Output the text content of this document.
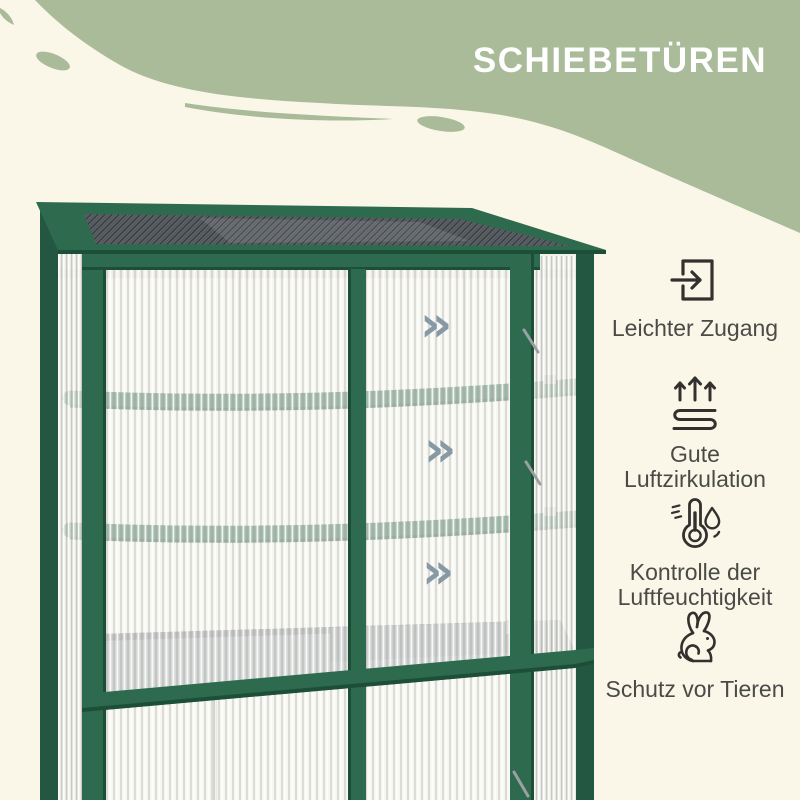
SCHIEBETÜREN
»
»
»
Leichter Zugang
Gute
Luftzirkulation
Kontrolle der
Luftfeuchtigkeit
Schutz vor Tieren
